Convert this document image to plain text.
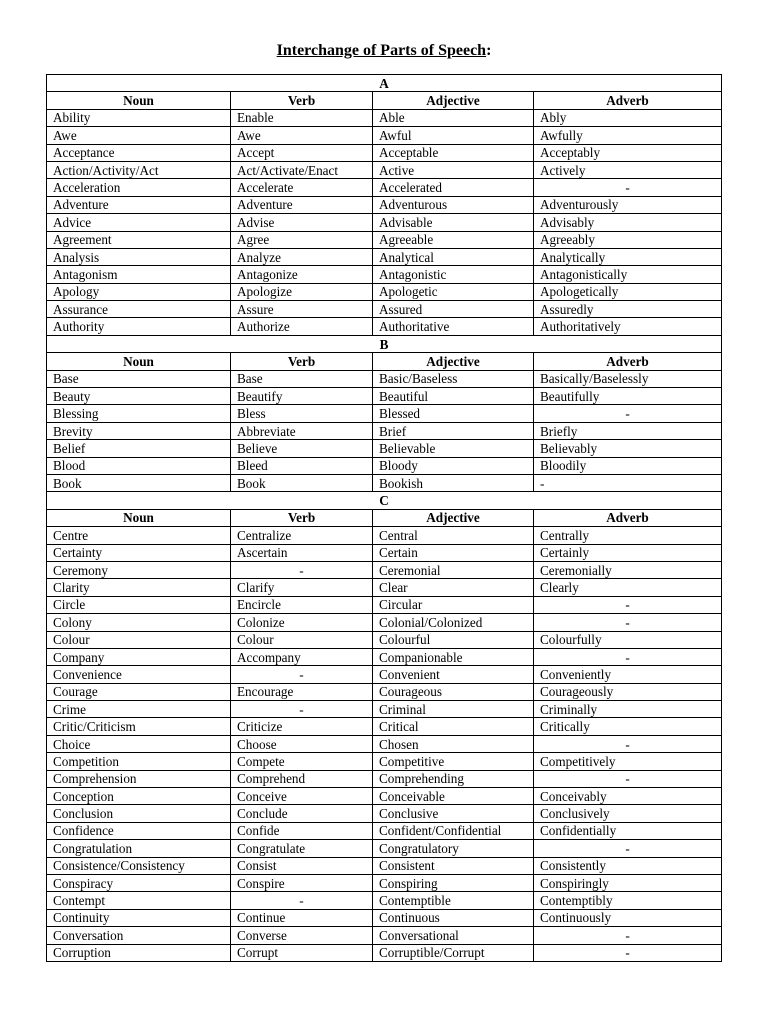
Interchange of Parts of Speech:
A			
Noun	Verb	Adjective	Adverb
Ability	Enable	Able	Ably
Awe	Awe	Awful	Awfully
Acceptance	Accept	Acceptable	Acceptably
Action/Activity/Act	Act/Activate/Enact	Active	Actively
Acceleration	Accelerate	Accelerated	-
Adventure	Adventure	Adventurous	Adventurously
Advice	Advise	Advisable	Advisably
Agreement	Agree	Agreeable	Agreeably
Analysis	Analyze	Analytical	Analytically
Antagonism	Antagonize	Antagonistic	Antagonistically
Apology	Apologize	Apologetic	Apologetically
Assurance	Assure	Assured	Assuredly
Authority	Authorize	Authoritative	Authoritatively
B			
Noun	Verb	Adjective	Adverb
Base	Base	Basic/Baseless	Basically/Baselessly
Beauty	Beautify	Beautiful	Beautifully
Blessing	Bless	Blessed	-
Brevity	Abbreviate	Brief	Briefly
Belief	Believe	Believable	Believably
Blood	Bleed	Bloody	Bloodily
Book	Book	Bookish	-
C			
Noun	Verb	Adjective	Adverb
Centre	Centralize	Central	Centrally
Certainty	Ascertain	Certain	Certainly
Ceremony	-	Ceremonial	Ceremonially
Clarity	Clarify	Clear	Clearly
Circle	Encircle	Circular	-
Colony	Colonize	Colonial/Colonized	-
Colour	Colour	Colourful	Colourfully
Company	Accompany	Companionable	-
Convenience	-	Convenient	Conveniently
Courage	Encourage	Courageous	Courageously
Crime	-	Criminal	Criminally
Critic/Criticism	Criticize	Critical	Critically
Choice	Choose	Chosen	-
Competition	Compete	Competitive	Competitively
Comprehension	Comprehend	Comprehending	-
Conception	Conceive	Conceivable	Conceivably
Conclusion	Conclude	Conclusive	Conclusively
Confidence	Confide	Confident/Confidential	Confidentially
Congratulation	Congratulate	Congratulatory	-
Consistence/Consistency	Consist	Consistent	Consistently
Conspiracy	Conspire	Conspiring	Conspiringly
Contempt	-	Contemptible	Contemptibly
Continuity	Continue	Continuous	Continuously
Conversation	Converse	Conversational	-
Corruption	Corrupt	Corruptible/Corrupt	-
